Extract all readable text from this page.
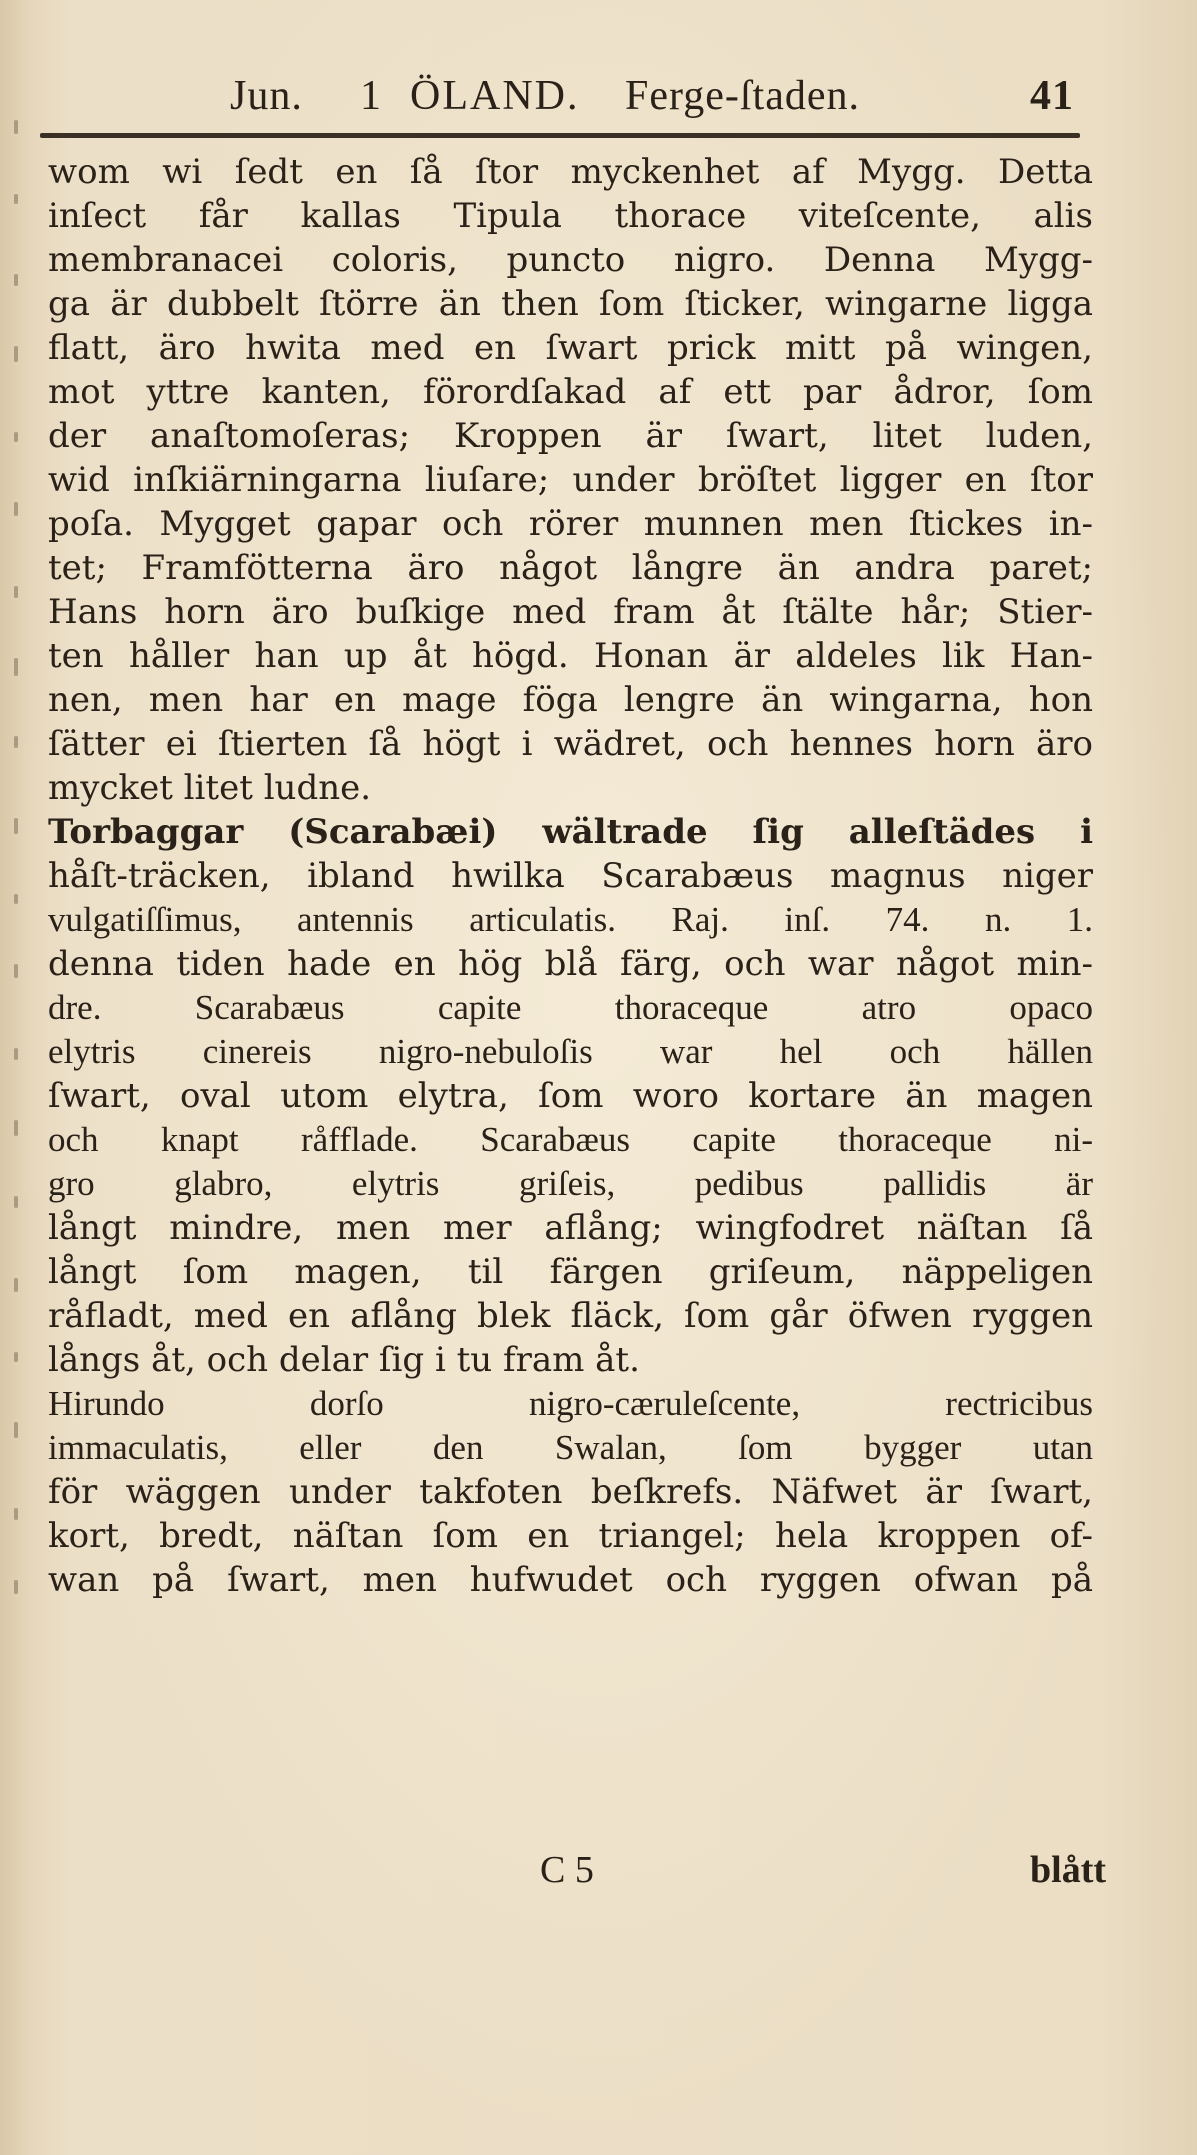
Jun. 1 ÖLAND. Ferge-ſtaden.	41
wom wi ſedt en ſå ſtor myckenhet af Mygg. Detta
inſect får kallas Tipula thorace viteſcente, alis
membranacei coloris, puncto nigro. Denna Mygg-
ga är dubbelt ſtörre än then ſom ſticker, wingarne ligga
flatt, äro hwita med en ſwart prick mitt på wingen,
mot yttre kanten, förordſakad af ett par ådror, ſom
der anaſtomoſeras; Kroppen är ſwart, litet luden,
wid inſkiärningarna liuſare; under bröſtet ligger en ſtor
poſa. Mygget gapar och rörer munnen men ſtickes in-
tet; Framfötterna äro något långre än andra paret;
Hans horn äro buſkige med fram åt ſtälte hår; Stier-
ten håller han up åt högd. Honan är aldeles lik Han-
nen, men har en mage föga lengre än wingarna, hon
ſätter ei ſtierten ſå högt i wädret, och hennes horn äro
mycket litet ludne.
Torbaggar (Scarabæi) wältrade ſig alleſtädes i
håſt-träcken, ibland hwilka Scarabæus magnus niger
vulgatiſſimus, antennis articulatis. Raj. inſ. 74. n. 1.
denna tiden hade en hög blå färg, och war något min-
dre. Scarabæus capite thoraceque atro opaco
elytris cinereis nigro-nebuloſis war hel och hällen
ſwart, oval utom elytra, ſom woro kortare än magen
och knapt råfflade. Scarabæus capite thoraceque ni-
gro glabro, elytris griſeis, pedibus pallidis är
långt mindre, men mer aflång; wingfodret näſtan ſå
långt ſom magen, til färgen griſeum, näppeligen
råfladt, med en aflång blek fläck, ſom går öfwen ryggen
långs åt, och delar ſig i tu fram åt.
Hirundo dorſo nigro-cæruleſcente, rectricibus
immaculatis, eller den Swalan, ſom bygger utan
för wäggen under takfoten beſkrefs. Näfwet är ſwart,
kort, bredt, näſtan ſom en triangel; hela kroppen of-
wan på ſwart, men hufwudet och ryggen ofwan på
C 5	blått
